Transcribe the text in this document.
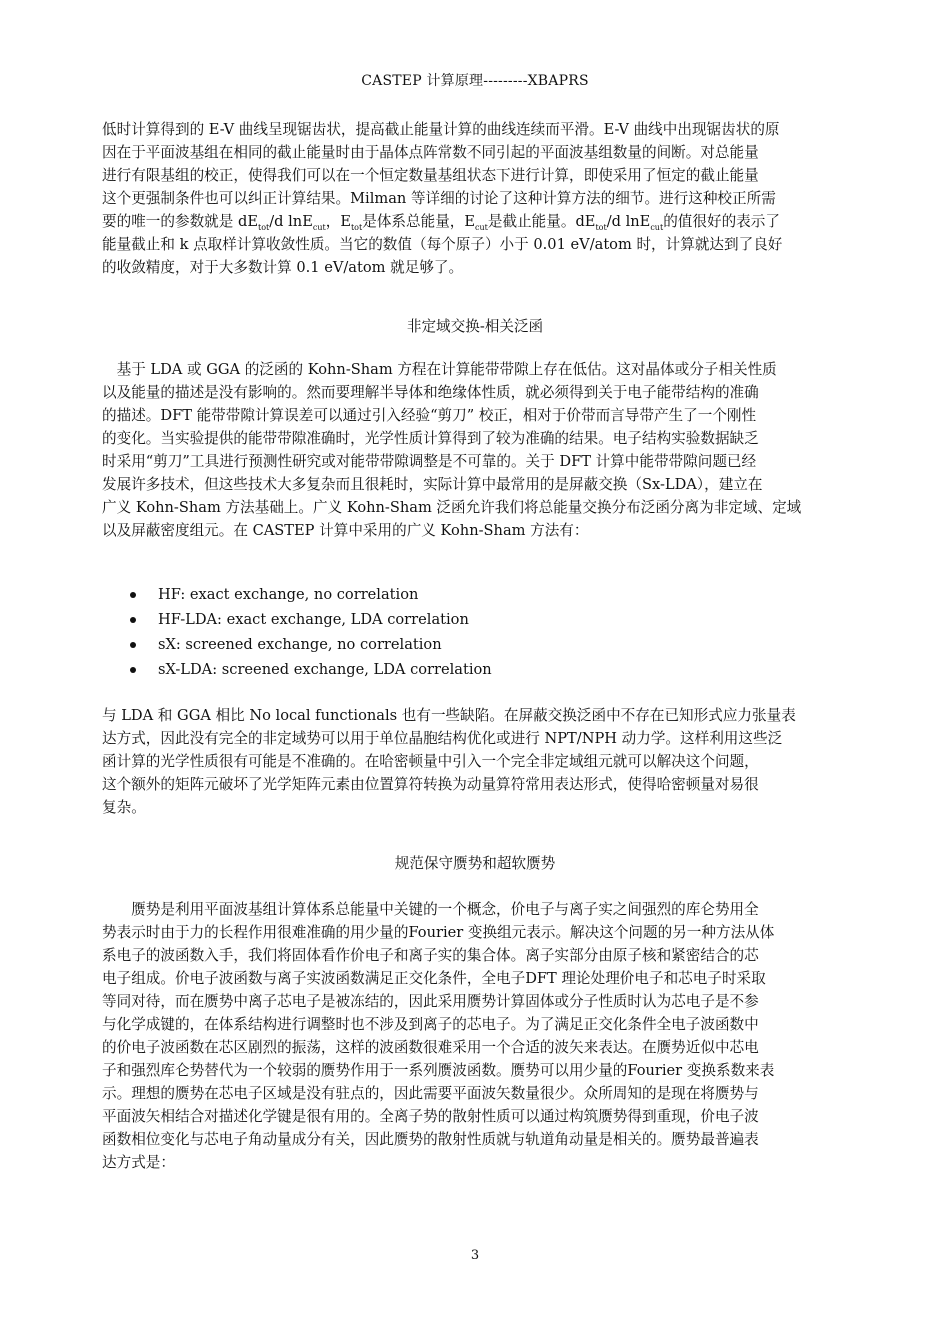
CASTEP 计算原理---------XBAPRS
低时计算得到的 E-V 曲线呈现锯齿状，提高截止能量计算的曲线连续而平滑。E-V 曲线中出现锯齿状的原
因在于平面波基组在相同的截止能量时由于晶体点阵常数不同引起的平面波基组数量的间断。对总能量
进行有限基组的校正，使得我们可以在一个恒定数量基组状态下进行计算，即使采用了恒定的截止能量
这个更强制条件也可以纠正计算结果。Milman 等详细的讨论了这种计算方法的细节。进行这种校正所需
要的唯一的参数就是 $dE_{tot}/d$ lnE$_{cut}$，$E_{tot}$是体系总能量，$E_{cut}$是截止能量。$dE_{tot}/d$ lnE$_{cut}$的值很好的表示了
能量截止和 k 点取样计算收敛性质。当它的数值（每个原子）小于 0.01 eV/atom 时，计算就达到了良好
的收敛精度，对于大多数计算 0.1 eV/atom 就足够了。
非定域交换-相关泛函
　基于 LDA 或 GGA 的泛函的 Kohn-Sham 方程在计算能带带隙上存在低估。这对晶体或分子相关性质
以及能量的描述是没有影响的。然而要理解半导体和绝缘体性质，就必须得到关于电子能带结构的准确
的描述。DFT 能带带隙计算误差可以通过引入经验“剪刀” 校正，相对于价带而言导带产生了一个刚性
的变化。当实验提供的能带带隙准确时，光学性质计算得到了较为准确的结果。电子结构实验数据缺乏
时采用“剪刀”工具进行预测性研究或对能带带隙调整是不可靠的。关于 DFT 计算中能带带隙问题已经
发展许多技术，但这些技术大多复杂而且很耗时，实际计算中最常用的是屏蔽交换（Sx-LDA），建立在
广义 Kohn-Sham 方法基础上。广义 Kohn-Sham 泛函允许我们将总能量交换分布泛函分离为非定域、定域
以及屏蔽密度组元。在 CASTEP 计算中采用的广义 Kohn-Sham 方法有：
HF: exact exchange, no correlation
HF-LDA: exact exchange, LDA correlation
sX: screened exchange, no correlation
sX-LDA: screened exchange, LDA correlation
与 LDA 和 GGA 相比 No local functionals 也有一些缺陷。在屏蔽交换泛函中不存在已知形式应力张量表
达方式，因此没有完全的非定域势可以用于单位晶胞结构优化或进行 NPT/NPH 动力学。这样利用这些泛
函计算的光学性质很有可能是不准确的。在哈密顿量中引入一个完全非定域组元就可以解决这个问题，
这个额外的矩阵元破坏了光学矩阵元素由位置算符转换为动量算符常用表达形式，使得哈密顿量对易很
复杂。
规范保守赝势和超软赝势
　　赝势是利用平面波基组计算体系总能量中关键的一个概念，价电子与离子实之间强烈的库仑势用全
势表示时由于力的长程作用很难准确的用少量的Fourier 变换组元表示。解决这个问题的另一种方法从体
系电子的波函数入手，我们将固体看作价电子和离子实的集合体。离子实部分由原子核和紧密结合的芯
电子组成。价电子波函数与离子实波函数满足正交化条件，全电子DFT 理论处理价电子和芯电子时采取
等同对待，而在赝势中离子芯电子是被冻结的，因此采用赝势计算固体或分子性质时认为芯电子是不参
与化学成键的，在体系结构进行调整时也不涉及到离子的芯电子。为了满足正交化条件全电子波函数中
的价电子波函数在芯区剧烈的振荡，这样的波函数很难采用一个合适的波矢来表达。在赝势近似中芯电
子和强烈库仑势替代为一个较弱的赝势作用于一系列赝波函数。赝势可以用少量的Fourier 变换系数来表
示。理想的赝势在芯电子区域是没有驻点的，因此需要平面波矢数量很少。众所周知的是现在将赝势与
平面波矢相结合对描述化学键是很有用的。全离子势的散射性质可以通过构筑赝势得到重现，价电子波
函数相位变化与芯电子角动量成分有关，因此赝势的散射性质就与轨道角动量是相关的。赝势最普遍表
达方式是：
3
